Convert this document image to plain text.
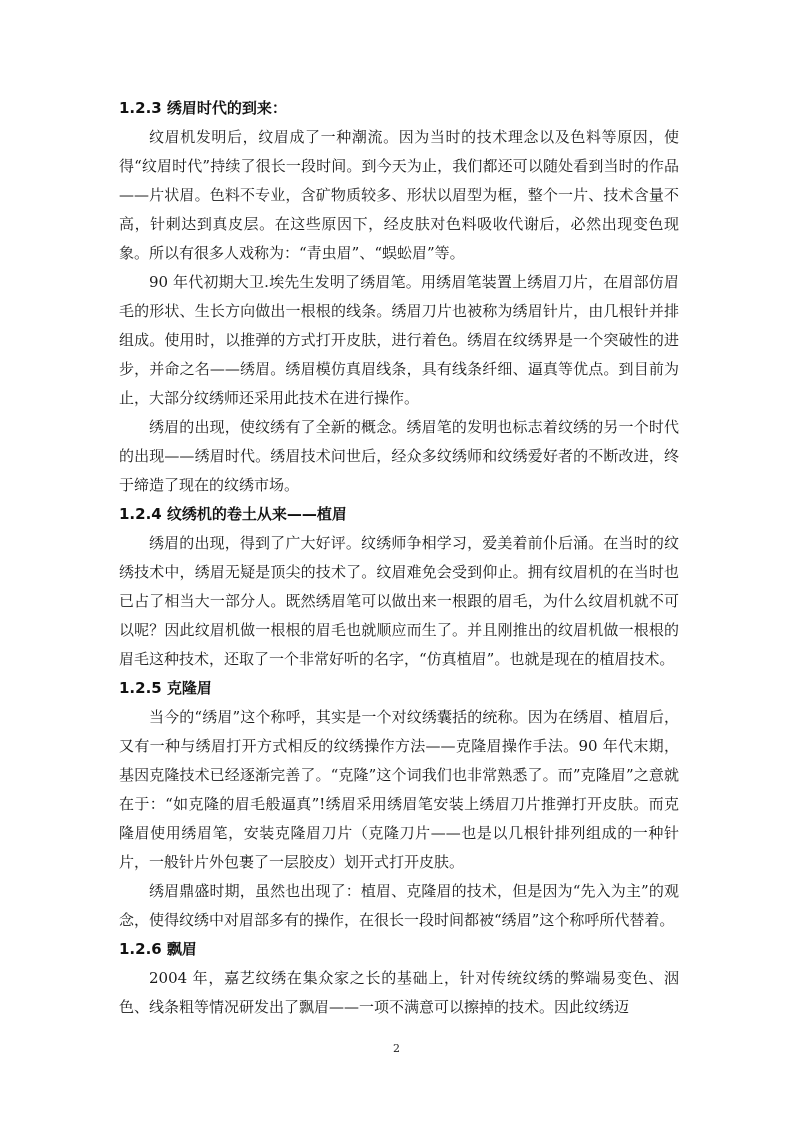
1.2.3 绣眉时代的到来：

纹眉机发明后，纹眉成了一种潮流。因为当时的技术理念以及色料等原因，使得“纹眉时代”持续了很长一段时间。到今天为止，我们都还可以随处看到当时的作品——片状眉。色料不专业，含矿物质较多、形状以眉型为框，整个一片、技术含量不高，针刺达到真皮层。在这些原因下，经皮肤对色料吸收代谢后，必然出现变色现象。所以有很多人戏称为：“青虫眉”、“蜈蚣眉”等。

90 年代初期大卫.埃先生发明了绣眉笔。用绣眉笔装置上绣眉刀片，在眉部仿眉毛的形状、生长方向做出一根根的线条。绣眉刀片也被称为绣眉针片，由几根针并排组成。使用时，以推弹的方式打开皮肤，进行着色。绣眉在纹绣界是一个突破性的进步，并命之名——绣眉。绣眉模仿真眉线条，具有线条纤细、逼真等优点。到目前为止，大部分纹绣师还采用此技术在进行操作。

绣眉的出现，使纹绣有了全新的概念。绣眉笔的发明也标志着纹绣的另一个时代的出现——绣眉时代。绣眉技术问世后，经众多纹绣师和纹绣爱好者的不断改进，终于缔造了现在的纹绣市场。

1.2.4 纹绣机的卷土从来——植眉

绣眉的出现，得到了广大好评。纹绣师争相学习，爱美着前仆后涌。在当时的纹绣技术中，绣眉无疑是顶尖的技术了。纹眉难免会受到仰止。拥有纹眉机的在当时也已占了相当大一部分人。既然绣眉笔可以做出来一根跟的眉毛，为什么纹眉机就不可以呢？因此纹眉机做一根根的眉毛也就顺应而生了。并且刚推出的纹眉机做一根根的眉毛这种技术，还取了一个非常好听的名字，“仿真植眉”。也就是现在的植眉技术。

1.2.5 克隆眉

当今的“绣眉”这个称呼，其实是一个对纹绣囊括的统称。因为在绣眉、植眉后，又有一种与绣眉打开方式相反的纹绣操作方法——克隆眉操作手法。90 年代末期，基因克隆技术已经逐渐完善了。“克隆”这个词我们也非常熟悉了。而”克隆眉”之意就在于：“如克隆的眉毛般逼真”!绣眉采用绣眉笔安装上绣眉刀片推弹打开皮肤。而克隆眉使用绣眉笔，安装克隆眉刀片（克隆刀片——也是以几根针排列组成的一种针片，一般针片外包裹了一层胶皮）划开式打开皮肤。

绣眉鼎盛时期，虽然也出现了：植眉、克隆眉的技术，但是因为“先入为主”的观念，使得纹绣中对眉部多有的操作，在很长一段时间都被“绣眉”这个称呼所代替着。

1.2.6 飘眉

2004 年，嘉艺纹绣在集众家之长的基础上，针对传统纹绣的弊端易变色、洇色、线条粗等情况研发出了飘眉——一项不满意可以擦掉的技术。因此纹绣迈

2
